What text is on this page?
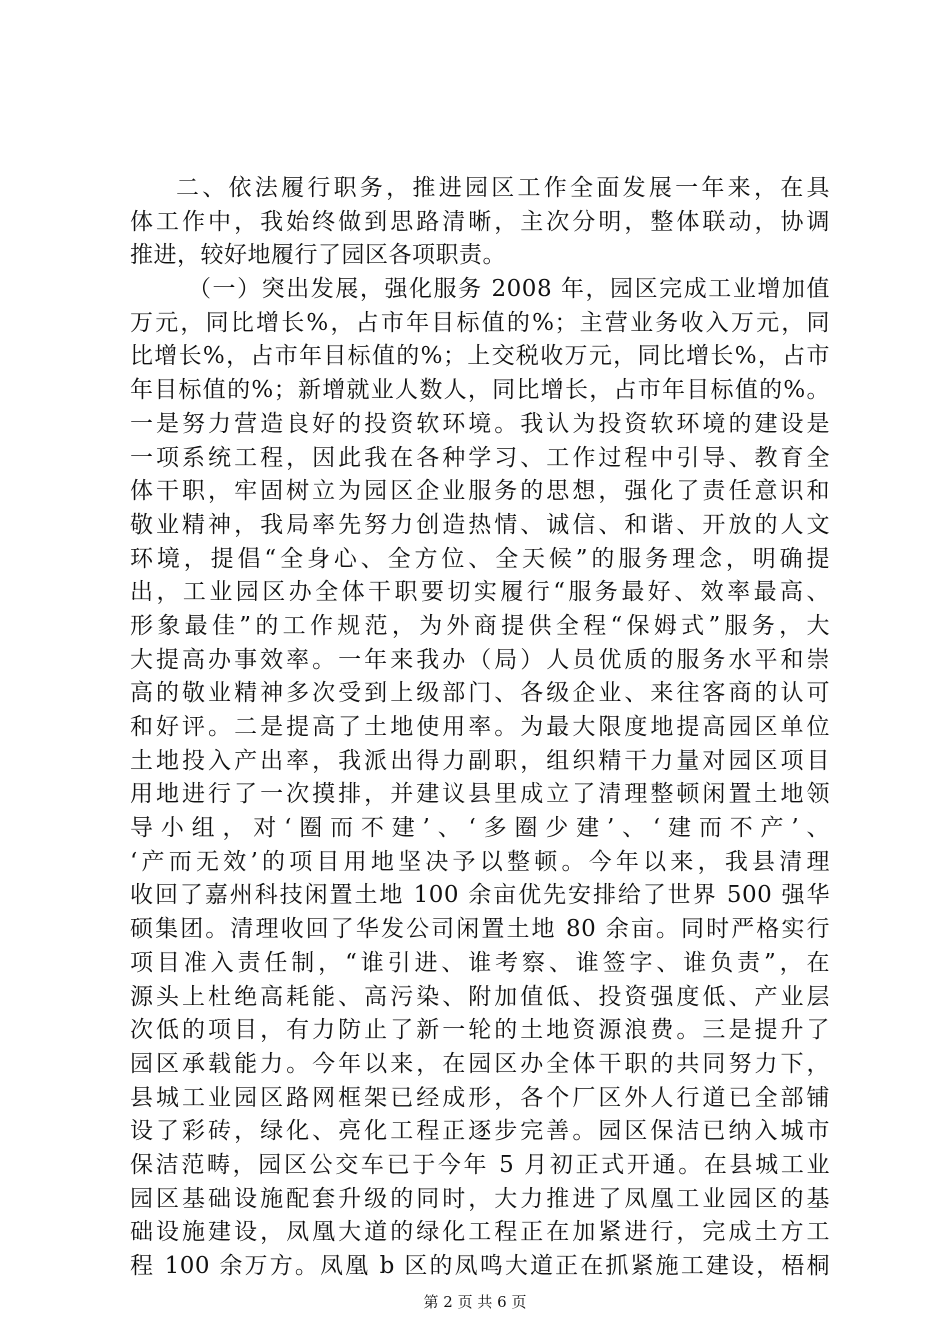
二、依法履行职务，推进园区工作全面发展一年来，在具
体工作中，我始终做到思路清晰，主次分明，整体联动，协调
推进，较好地履行了园区各项职责。
（一）突出发展，强化服务 2008 年，园区完成工业增加值
万元，同比增长%，占市年目标值的%；主营业务收入万元，同
比增长%，占市年目标值的%；上交税收万元，同比增长%，占市
年目标值的%；新增就业人数人，同比增长，占市年目标值的%。
一是努力营造良好的投资软环境。我认为投资软环境的建设是
一项系统工程，因此我在各种学习、工作过程中引导、教育全
体干职，牢固树立为园区企业服务的思想，强化了责任意识和
敬业精神，我局率先努力创造热情、诚信、和谐、开放的人文
环境，提倡“全身心、全方位、全天候”的服务理念，明确提
出，工业园区办全体干职要切实履行“服务最好、效率最高、
形象最佳”的工作规范，为外商提供全程“保姆式”服务，大
大提高办事效率。一年来我办（局）人员优质的服务水平和崇
高的敬业精神多次受到上级部门、各级企业、来往客商的认可
和好评。二是提高了土地使用率。为最大限度地提高园区单位
土地投入产出率，我派出得力副职，组织精干力量对园区项目
用地进行了一次摸排，并建议县里成立了清理整顿闲置土地领
导小组，对‘圈而不建’、‘多圈少建’、‘建而不产’、
‘产而无效’的项目用地坚决予以整顿。今年以来，我县清理
收回了嘉州科技闲置土地 100 余亩优先安排给了世界 500 强华
硕集团。清理收回了华发公司闲置土地 80 余亩。同时严格实行
项目准入责任制，“谁引进、谁考察、谁签字、谁负责”，在
源头上杜绝高耗能、高污染、附加值低、投资强度低、产业层
次低的项目，有力防止了新一轮的土地资源浪费。三是提升了
园区承载能力。今年以来，在园区办全体干职的共同努力下，
县城工业园区路网框架已经成形，各个厂区外人行道已全部铺
设了彩砖，绿化、亮化工程正逐步完善。园区保洁已纳入城市
保洁范畴，园区公交车已于今年 5 月初正式开通。在县城工业
园区基础设施配套升级的同时，大力推进了凤凰工业园区的基
础设施建设，凤凰大道的绿化工程正在加紧进行，完成土方工
程 100 余万方。凤凰 b 区的凤鸣大道正在抓紧施工建设，梧桐
第 2 页 共 6 页
